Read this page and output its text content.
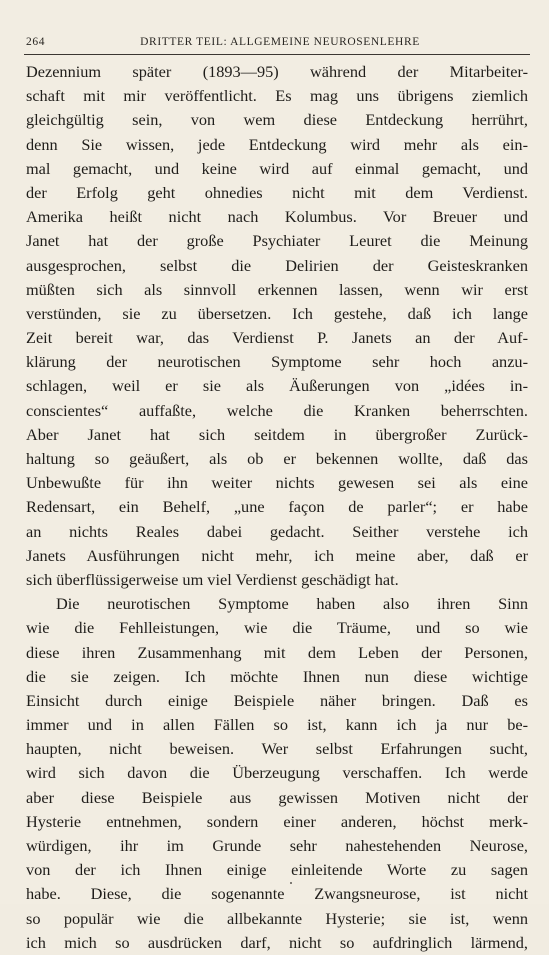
264	DRITTER TEIL: ALLGEMEINE NEUROSENLEHRE
Dezennium später (1893—95) während der Mitarbeiter-
schaft mit mir veröffentlicht. Es mag uns übrigens ziemlich
gleichgültig sein, von wem diese Entdeckung herrührt,
denn Sie wissen, jede Entdeckung wird mehr als ein-
mal gemacht, und keine wird auf einmal gemacht, und
der Erfolg geht ohnedies nicht mit dem Verdienst.
Amerika heißt nicht nach Kolumbus. Vor Breuer und
Janet hat der große Psychiater Leuret die Meinung
ausgesprochen, selbst die Delirien der Geisteskranken
müßten sich als sinnvoll erkennen lassen, wenn wir erst
verstünden, sie zu übersetzen. Ich gestehe, daß ich lange
Zeit bereit war, das Verdienst P. Janets an der Auf-
klärung der neurotischen Symptome sehr hoch anzu-
schlagen, weil er sie als Äußerungen von „idées in-
conscientes“ auffaßte, welche die Kranken beherrschten.
Aber Janet hat sich seitdem in übergroßer Zurück-
haltung so geäußert, als ob er bekennen wollte, daß das
Unbewußte für ihn weiter nichts gewesen sei als eine
Redensart, ein Behelf, „une façon de parler“; er habe
an nichts Reales dabei gedacht. Seither verstehe ich
Janets Ausführungen nicht mehr, ich meine aber, daß er
sich überflüssigerweise um viel Verdienst geschädigt hat.
Die neurotischen Symptome haben also ihren Sinn
wie die Fehlleistungen, wie die Träume, und so wie
diese ihren Zusammenhang mit dem Leben der Personen,
die sie zeigen. Ich möchte Ihnen nun diese wichtige
Einsicht durch einige Beispiele näher bringen. Daß es
immer und in allen Fällen so ist, kann ich ja nur be-
haupten, nicht beweisen. Wer selbst Erfahrungen sucht,
wird sich davon die Überzeugung verschaffen. Ich werde
aber diese Beispiele aus gewissen Motiven nicht der
Hysterie entnehmen, sondern einer anderen, höchst merk-
würdigen, ihr im Grunde sehr nahestehenden Neurose,
von der ich Ihnen einige einleitende Worte zu sagen
habe. Diese, die sogenannte Zwangsneurose, ist nicht
so populär wie die allbekannte Hysterie; sie ist, wenn
ich mich so ausdrücken darf, nicht so aufdringlich lärmend,
